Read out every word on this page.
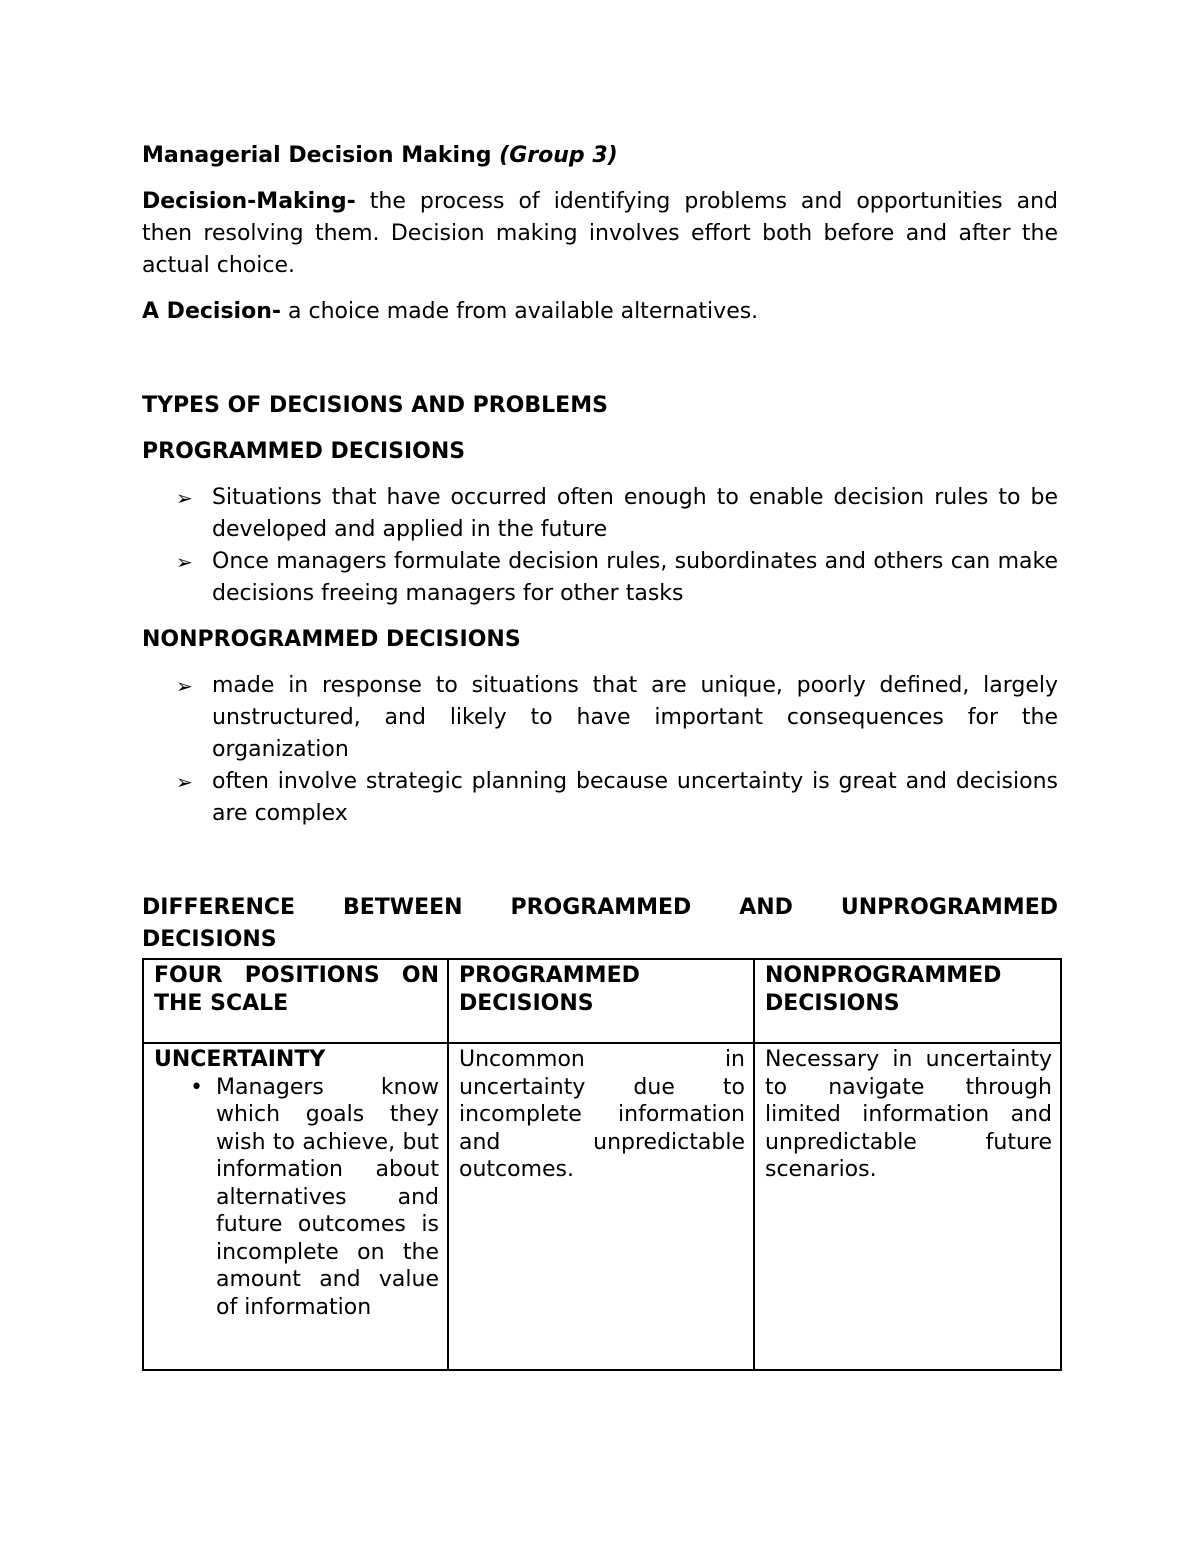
Managerial Decision Making (Group 3)

Decision-Making- the process of identifying problems and opportunities and then resolving them. Decision making involves effort both before and after the actual choice.

A Decision- a choice made from available alternatives.

TYPES OF DECISIONS AND PROBLEMS

PROGRAMMED DECISIONS

➢ Situations that have occurred often enough to enable decision rules to be developed and applied in the future
➢ Once managers formulate decision rules, subordinates and others can make decisions freeing managers for other tasks

NONPROGRAMMED DECISIONS

➢ made in response to situations that are unique, poorly defined, largely unstructured, and likely to have important consequences for the organization
➢ often involve strategic planning because uncertainty is great and decisions are complex

DIFFERENCE BETWEEN PROGRAMMED AND UNPROGRAMMED

DECISIONS

FOUR POSITIONS ON THE SCALE	PROGRAMMED DECISIONS	NONPROGRAMMED DECISIONS

UNCERTAINTY
• Managers know which goals they wish to achieve, but information about alternatives and future outcomes is incomplete on the amount and value of information	Uncommon in uncertainty due to incomplete information and unpredictable outcomes.	Necessary in uncertainty to navigate through limited information and unpredictable future scenarios.
